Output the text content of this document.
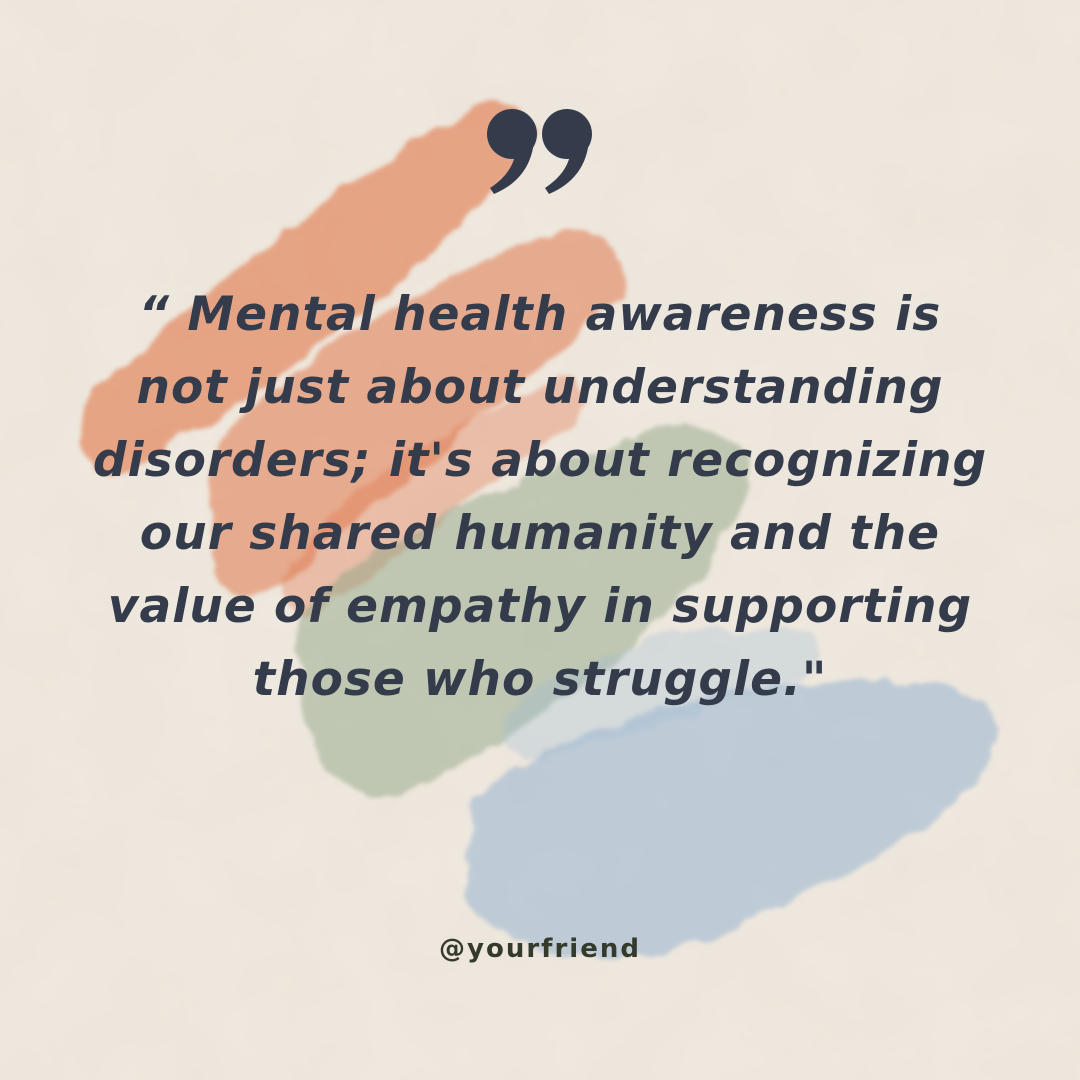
“ Mental health awareness is not just about understanding disorders; it's about recognizing our shared humanity and the value of empathy in supporting those who struggle."

@yourfriend
